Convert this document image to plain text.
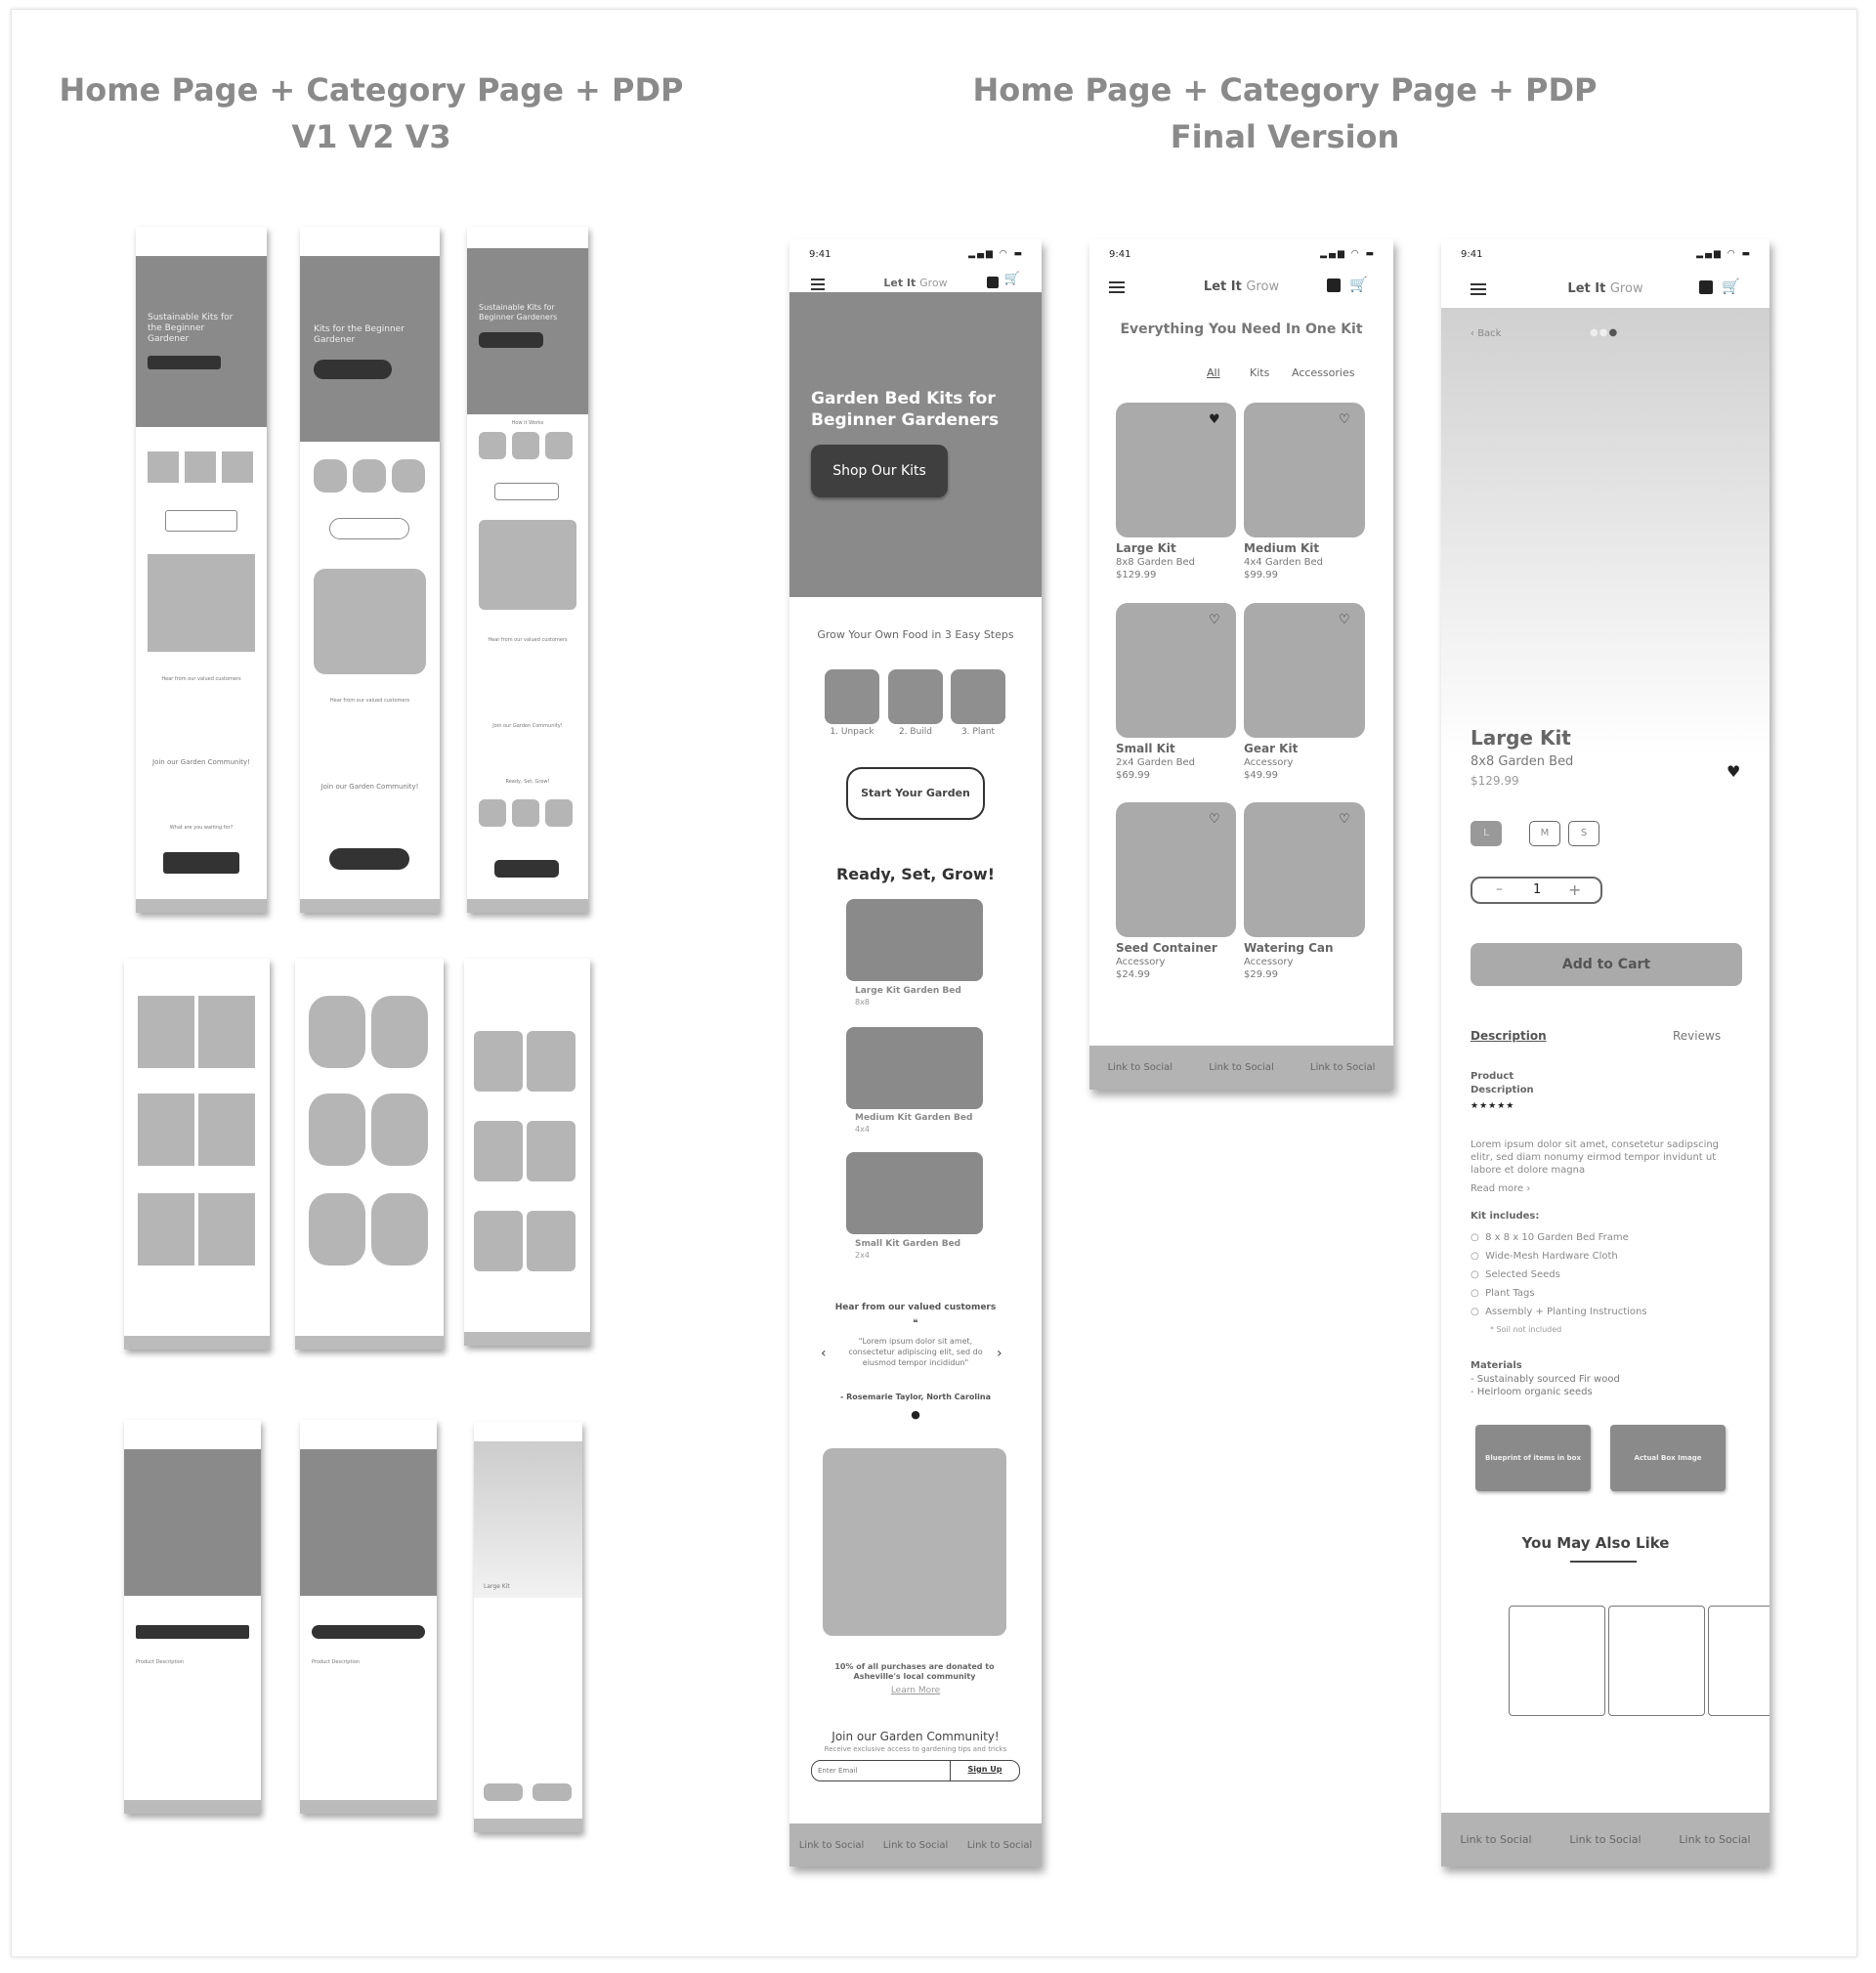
Home Page + Category Page + PDP
V1 V2 V3
Home Page + Category Page + PDP
Final Version
Sustainable Kits for the Beginner Gardener
Hear from our valued customers
Join our Garden Community!
What are you waiting for?
Kits for the Beginner Gardener
Hear from our valued customers
Join our Garden Community!
Sustainable Kits for Beginner Gardeners
How it Works
Hear from our valued customers
Join our Garden Community!
Ready, Set, Grow!
Product Description	Product Description
Large Kit
9:41	▂▄▆ ◠ ▬
Let It Grow	🛒
Garden Bed Kits for Beginner Gardeners
Shop Our Kits
Grow Your Own Food in 3 Easy Steps
1. Unpack	2. Build	3. Plant
Start Your Garden
Ready, Set, Grow!
Large Kit Garden Bed
8x8
Medium Kit Garden Bed
4x4
Small Kit Garden Bed
2x4
Hear from our valued customers
❝
‹	›
"Lorem ipsum dolor sit amet, consectetur adipiscing elit, sed do eiusmod tempor incididun"
- Rosemarie Taylor, North Carolina
●
10% of all purchases are donated to Asheville's local community
Learn More
Join our Garden Community!
Receive exclusive access to gardening tips and tricks
Enter Email
Sign Up
Link to Social Link to Social Link to Social
9:41	▂▄▆ ◠ ▬
Let It Grow	🛒
Everything You Need In One Kit
All	Kits Accessories
♥
Large Kit
8x8 Garden Bed
$129.99
♡
Medium Kit
4x4 Garden Bed
$99.99
♡
Small Kit
2x4 Garden Bed
$69.99
♡
Gear Kit
Accessory
$49.99
♡
Seed Container
Accessory
$24.99
♡
Watering Can
Accessory
$29.99
Link to Social	Link to Social	Link to Social
9:41	▂▄▆ ◠ ▬
Let It Grow	🛒
‹ Back	●●●
Large Kit
8x8 Garden Bed
$129.99	♥
L	M	S
– 1 +
Add to Cart
Description	Reviews
Product Description
★★★★★
Lorem ipsum dolor sit amet, consetetur sadipscing elitr, sed diam nonumy eirmod tempor invidunt ut labore et dolore magna
Read more ›
Kit includes:
○  8 x 8 x 10 Garden Bed Frame
○  Wide-Mesh Hardware Cloth
○  Selected Seeds
○  Plant Tags
○  Assembly + Planting Instructions
* Soil not included
Materials
- Sustainably sourced Fir wood
- Heirloom organic seeds
Blueprint of items in box	Actual Box Image
You May Also Like
Link to Social	Link to Social	Link to Social
